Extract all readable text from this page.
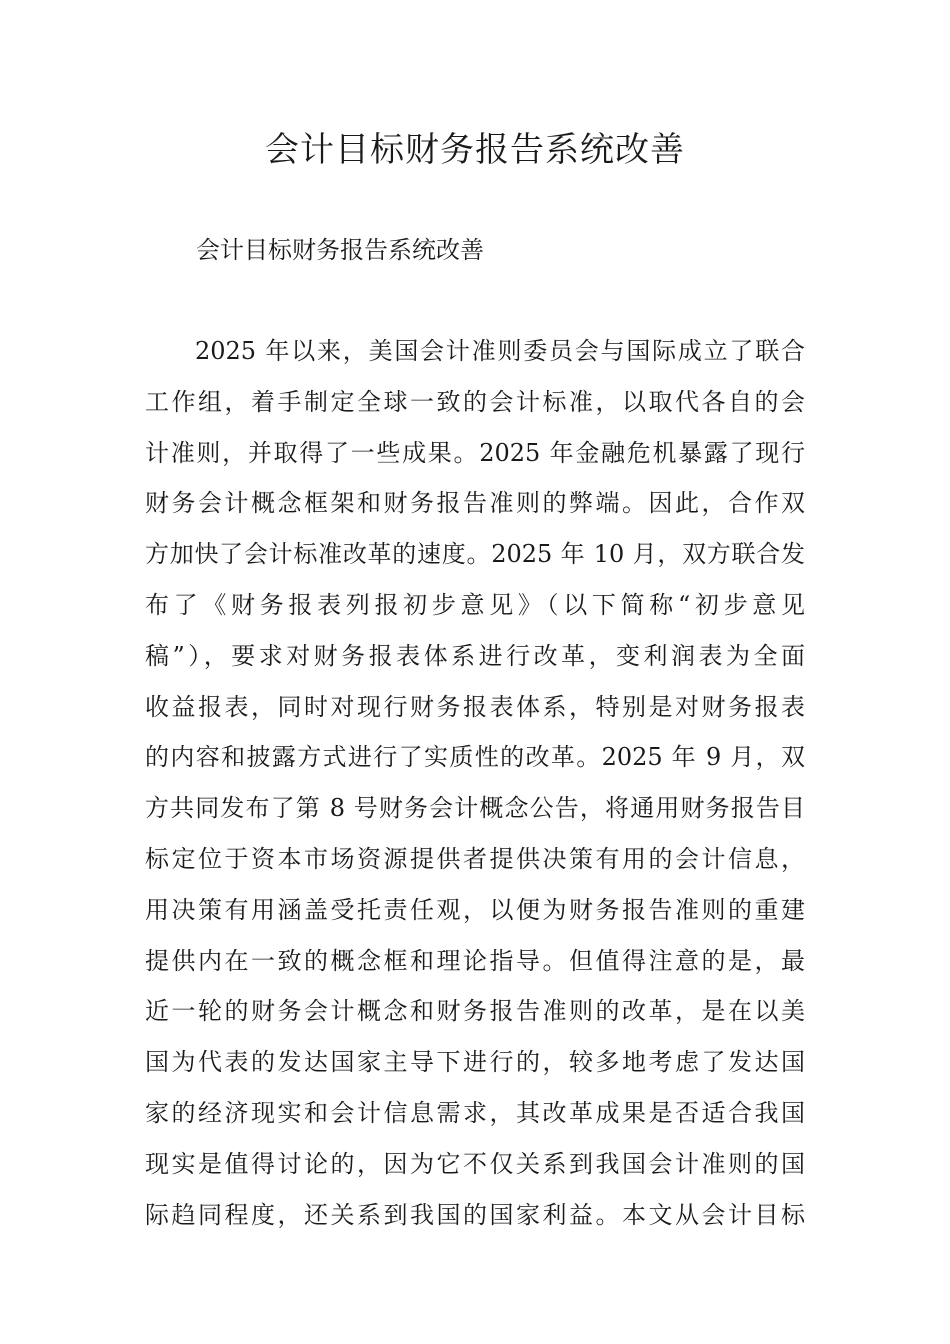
会计目标财务报告系统改善

会计目标财务报告系统改善

2025 年以来，美国会计准则委员会与国际成立了联合
工作组，着手制定全球一致的会计标准，以取代各自的会
计准则，并取得了一些成果。2025 年金融危机暴露了现行
财务会计概念框架和财务报告准则的弊端。因此，合作双
方加快了会计标准改革的速度。2025 年 10 月，双方联合发
布了《财务报表列报初步意见》（以下简称“初步意见
稿”），要求对财务报表体系进行改革，变利润表为全面
收益报表，同时对现行财务报表体系，特别是对财务报表
的内容和披露方式进行了实质性的改革。2025 年 9 月，双
方共同发布了第 8 号财务会计概念公告，将通用财务报告目
标定位于资本市场资源提供者提供决策有用的会计信息，
用决策有用涵盖受托责任观，以便为财务报告准则的重建
提供内在一致的概念框和理论指导。但值得注意的是，最
近一轮的财务会计概念和财务报告准则的改革，是在以美
国为代表的发达国家主导下进行的，较多地考虑了发达国
家的经济现实和会计信息需求，其改革成果是否适合我国
现实是值得讨论的，因为它不仅关系到我国会计准则的国
际趋同程度，还关系到我国的国家利益。本文从会计目标
